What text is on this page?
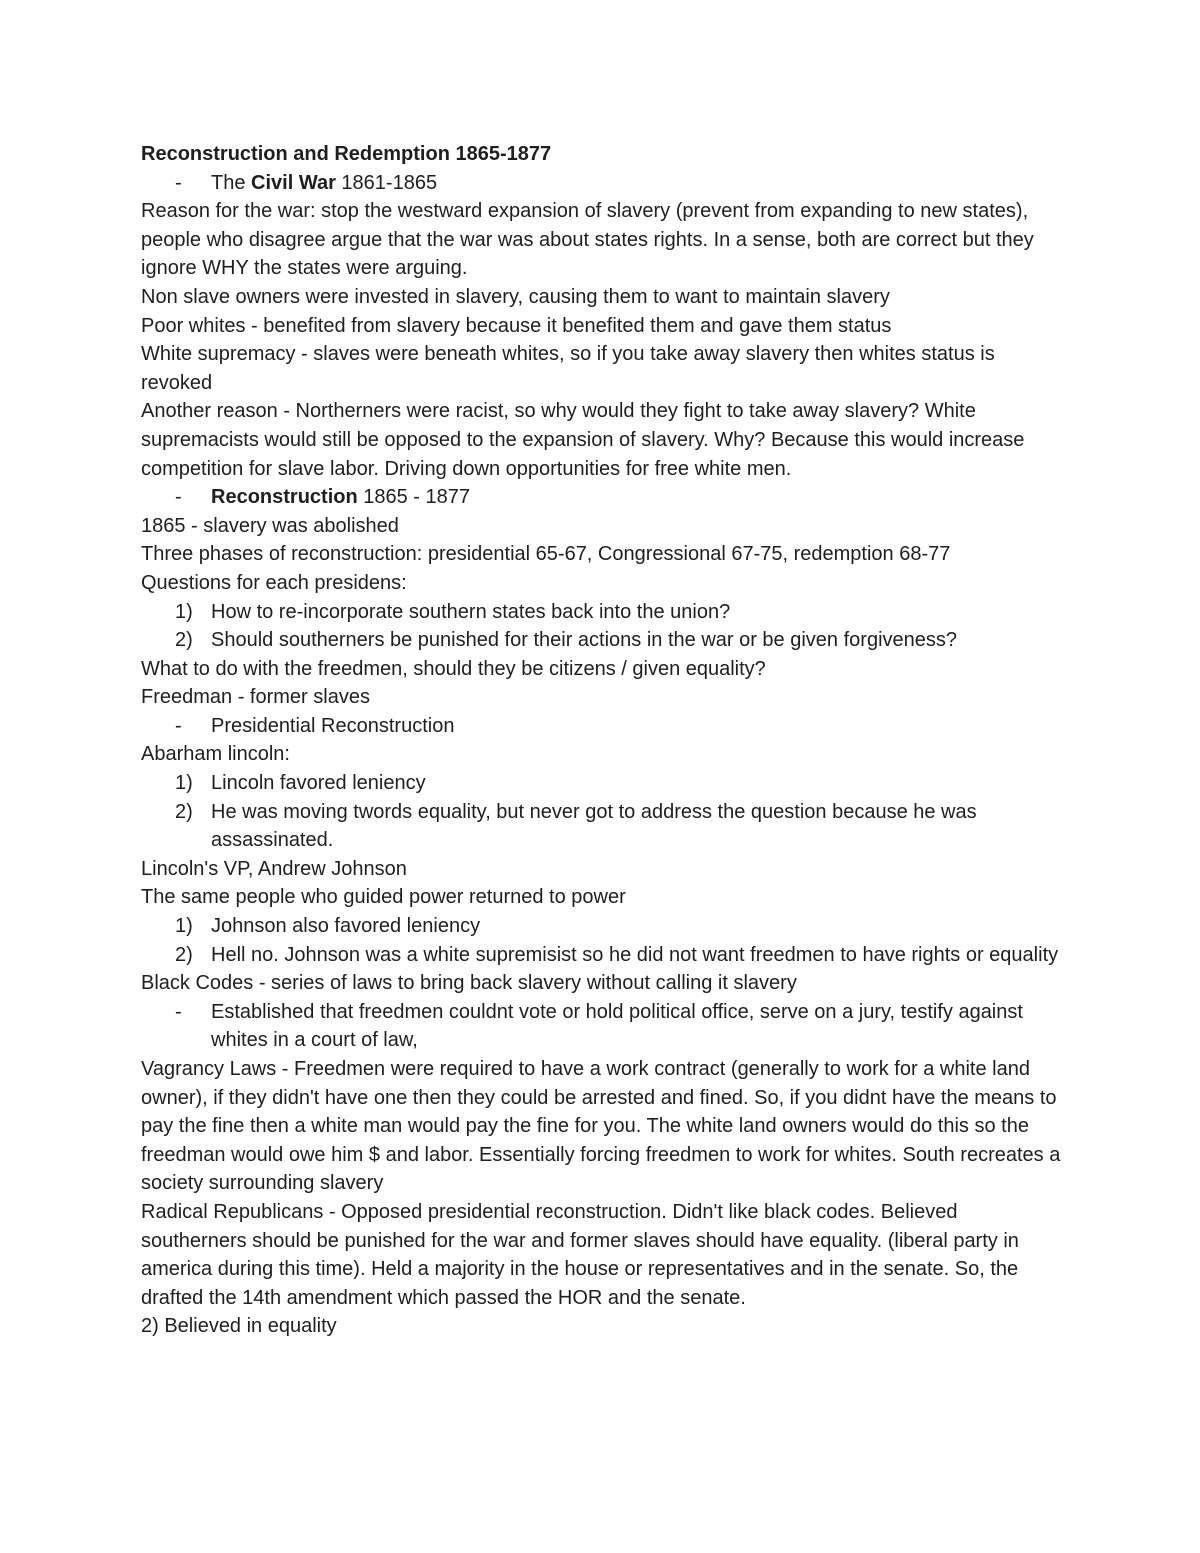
Reconstruction and Redemption 1865-1877

- The Civil War 1861-1865

Reason for the war: stop the westward expansion of slavery (prevent from expanding to new states), people who disagree argue that the war was about states rights. In a sense, both are correct but they ignore WHY the states were arguing.

Non slave owners were invested in slavery, causing them to want to maintain slavery

Poor whites - benefited from slavery because it benefited them and gave them status

White supremacy - slaves were beneath whites, so if you take away slavery then whites status is revoked

Another reason - Northerners were racist, so why would they fight to take away slavery? White supremacists would still be opposed to the expansion of slavery. Why? Because this would increase competition for slave labor. Driving down opportunities for free white men.

- Reconstruction 1865 - 1877

1865 - slavery was abolished

Three phases of reconstruction: presidential 65-67, Congressional 67-75, redemption 68-77

Questions for each presidens:

1) How to re-incorporate southern states back into the union?

2) Should southerners be punished for their actions in the war or be given forgiveness?

What to do with the freedmen, should they be citizens / given equality?

Freedman - former slaves

- Presidential Reconstruction

Abarham lincoln:

1) Lincoln favored leniency

2) He was moving twords equality, but never got to address the question because he was assassinated.

Lincoln's VP, Andrew Johnson

The same people who guided power returned to power

1) Johnson also favored leniency

2) Hell no. Johnson was a white supremisist so he did not want freedmen to have rights or equality

Black Codes - series of laws to bring back slavery without calling it slavery

- Established that freedmen couldnt vote or hold political office, serve on a jury, testify against whites in a court of law,

Vagrancy Laws - Freedmen were required to have a work contract (generally to work for a white land owner), if they didn't have one then they could be arrested and fined. So, if you didnt have the means to pay the fine then a white man would pay the fine for you. The white land owners would do this so the freedman would owe him $ and labor. Essentially forcing freedmen to work for whites. South recreates a society surrounding slavery

Radical Republicans - Opposed presidential reconstruction. Didn't like black codes. Believed southerners should be punished for the war and former slaves should have equality. (liberal party in america during this time). Held a majority in the house or representatives and in the senate. So, the drafted the 14th amendment which passed the HOR and the senate.

2) Believed in equality
